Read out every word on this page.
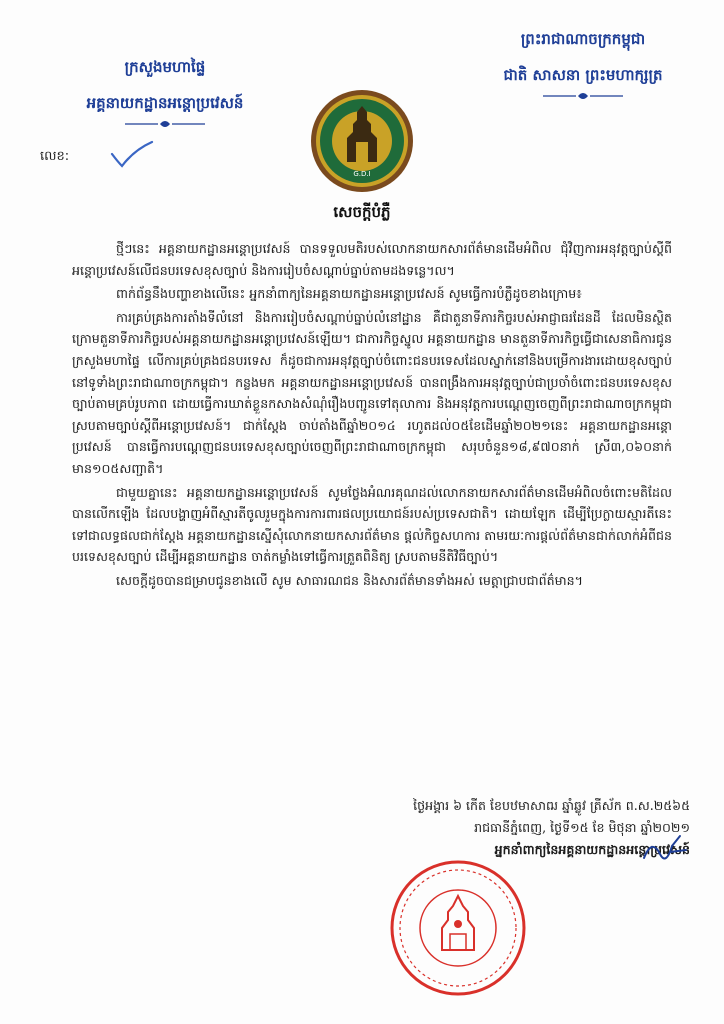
ក្រសួងមហាផ្ទៃ
អគ្គនាយកដ្ឋានអន្តោប្រវេសន៍
ព្រះរាជាណាចក្រកម្ពុជា
ជាតិ សាសនា ព្រះមហាក្សត្រ
លេខ:
G.D.I
សេចក្តីបំភ្លឺ

ថ្មីៗនេះ អគ្គនាយកដ្ឋានអន្តោប្រវេសន៍ បានទទួលមតិរបស់លោកនាយកសារព័ត៌មានដើមអំពិល ជុំវិញការអនុវត្តច្បាប់ស្តីពីអន្តោប្រវេសន៍លើជនបរទេសខុសច្បាប់ និងការរៀបចំសណ្តាប់ធ្នាប់តាមដងទន្លេ។ល។

ពាក់ព័ន្ធនឹងបញ្ហាខាងលើនេះ អ្នកនាំពាក្យនៃអគ្គនាយកដ្ឋានអន្តោប្រវេសន៍ សូមធ្វើការបំភ្លឺដូចខាងក្រោម៖

ការគ្រប់គ្រងការតាំងទីលំនៅ និងការរៀបចំសណ្តាប់ធ្នាប់លំនៅដ្ឋាន គឺជាតួនាទីភារកិច្ចរបស់អាជ្ញាធរដែនដី ដែលមិនស្ថិតក្រោមតួនាទីភារកិច្ចរបស់អគ្គនាយកដ្ឋានអន្តោប្រវេសន៍ឡើយ។ ជាភារកិច្ចស្នូល អគ្គនាយកដ្ឋាន មានតួនាទីភារកិច្ចធ្វើជាសេនាធិការជូនក្រសួងមហាផ្ទៃ លើការគ្រប់គ្រងជនបរទេស ក៏ដូចជាការអនុវត្តច្បាប់ចំពោះជនបរទេសដែលស្នាក់នៅនិងបម្រើការងារដោយខុសច្បាប់ នៅទូទាំងព្រះរាជាណាចក្រកម្ពុជា។ កន្លងមក អគ្គនាយកដ្ឋានអន្តោប្រវេសន៍ បានពង្រឹងការអនុវត្តច្បាប់ជាប្រចាំចំពោះជនបរទេសខុសច្បាប់តាមគ្រប់រូបភាព ដោយធ្វើការឃាត់ខ្លួនកសាងសំណុំរឿងបញ្ជូនទៅតុលាការ និងអនុវត្តការបណ្តេញចេញពីព្រះរាជាណាចក្រកម្ពុជា ស្របតាមច្បាប់ស្តីពីអន្តោប្រវេសន៍។ ជាក់ស្តែង ចាប់តាំងពីឆ្នាំ២០១៤ រហូតដល់០៥ខែដើមឆ្នាំ២០២១នេះ អគ្គនាយកដ្ឋានអន្តោប្រវេសន៍ បានធ្វើការបណ្តេញជនបរទេសខុសច្បាប់ចេញពីព្រះរាជាណាចក្រកម្ពុជា សរុបចំនួន១៨,៩៧០នាក់ ស្រី៣,០៦០នាក់ មាន១០៥សញ្ជាតិ។

ជាមួយគ្នានេះ អគ្គនាយកដ្ឋានអន្តោប្រវេសន៍ សូមថ្លែងអំណរគុណដល់លោកនាយកសារព័ត៌មានដើមអំពិលចំពោះមតិដែលបានលើកឡើង ដែលបង្ហាញអំពីស្មារតីចូលរួមក្នុងការការពារផលប្រយោជន៍របស់ប្រទេសជាតិ។ ដោយឡែក ដើម្បីប្រែក្លាយស្មារតីនេះទៅជាលទ្ធផលជាក់ស្តែង អគ្គនាយកដ្ឋានស្នើសុំលោកនាយកសារព័ត៌មាន ផ្តល់កិច្ចសហការ តាមរយៈការផ្តល់ព័ត៌មានជាក់លាក់អំពីជនបរទេសខុសច្បាប់ ដើម្បីអគ្គនាយកដ្ឋាន ចាត់កម្លាំងទៅធ្វើការត្រួតពិនិត្យ ស្របតាមនីតិវិធីច្បាប់។

សេចក្តីដូចបានជម្រាបជូនខាងលើ សូម សាធារណជន និងសារព័ត៌មានទាំងអស់ មេត្តាជ្រាបជាព័ត៌មាន។

ថ្ងៃអង្គារ ៦ កើត ខែបឋមាសាឍ ឆ្នាំឆ្លូវ ត្រីស័ក ព.ស.២៥៦៥
រាជធានីភ្នំពេញ, ថ្ងៃទី១៥ ខែ មិថុនា ឆ្នាំ២០២១
អ្នកនាំពាក្យនៃអគ្គនាយកដ្ឋានអន្តោប្រវេសន៍
